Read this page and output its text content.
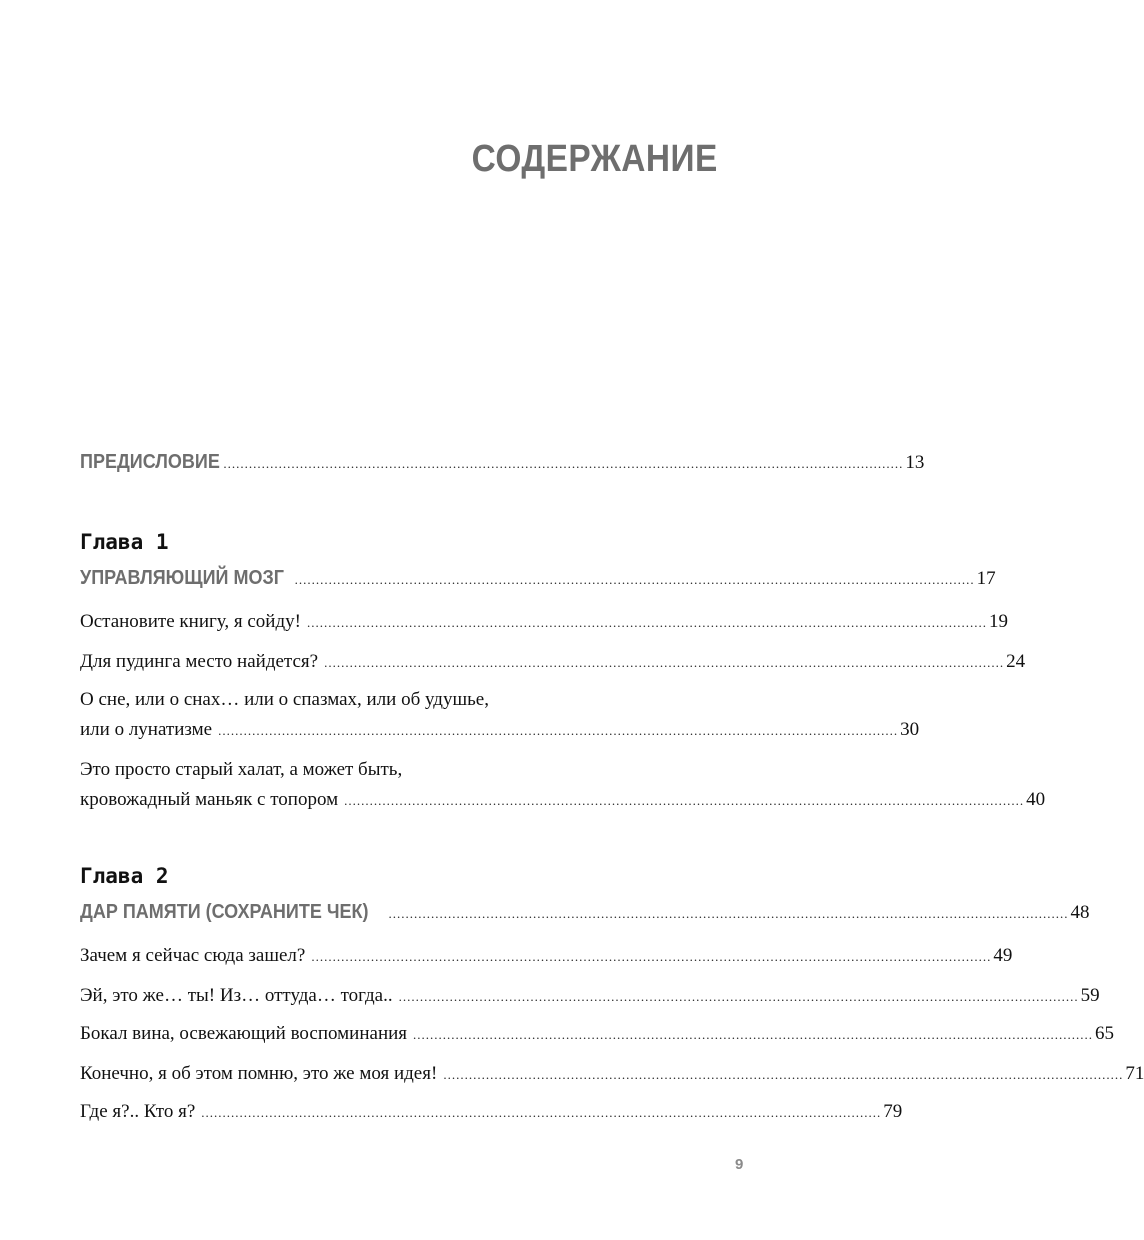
СОДЕРЖАНИЕ
ПРЕДИСЛОВИЕ ................................................................................................................................................................ 13
Глава 1
УПРАВЛЯЮЩИЙ МОЗГ ................................................................................................................................................................ 17
Остановите книгу, я сойду! ................................................................................................................................................................ 19
Для пудинга место найдется? ................................................................................................................................................................ 24
О сне, или о снах… или о спазмах, или об удушье,
или о лунатизме ................................................................................................................................................................ 30
Это просто старый халат, а может быть,
кровожадный маньяк с топором ................................................................................................................................................................ 40
Глава 2
ДАР ПАМЯТИ (СОХРАНИТЕ ЧЕК)	................................................................................................................................................................ 48
Зачем я сейчас сюда зашел? ................................................................................................................................................................ 49
Эй, это же… ты! Из… оттуда… тогда.. ................................................................................................................................................................ 59
Бокал вина, освежающий воспоминания ................................................................................................................................................................ 65
Конечно, я об этом помню, это же моя идея! ................................................................................................................................................................ 71
Где я?.. Кто я? ................................................................................................................................................................ 79
9
